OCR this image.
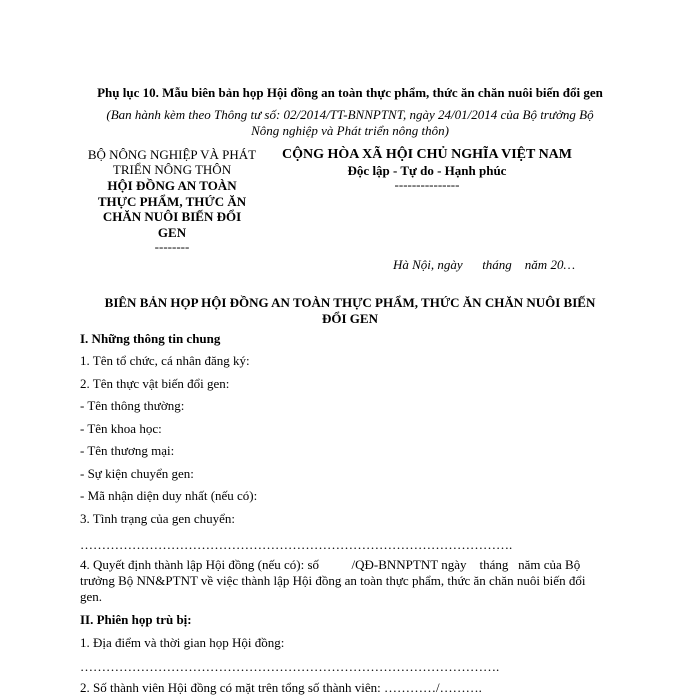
Phụ lục 10. Mẫu biên bản họp Hội đồng an toàn thực phẩm, thức ăn chăn nuôi biến đổi gen
(Ban hành kèm theo Thông tư số: 02/2014/TT-BNNPTNT, ngày 24/01/2014 của Bộ trưởng Bộ
Nông nghiệp và Phát triển nông thôn)
BỘ NÔNG NGHIỆP VÀ PHÁT
TRIỂN NÔNG THÔN
HỘI ĐỒNG AN TOÀN
THỰC PHẨM, THỨC ĂN
CHĂN NUÔI BIẾN ĐỔI
GEN
--------
CỘNG HÒA XÃ HỘI CHỦ NGHĨA VIỆT NAM
Độc lập - Tự do - Hạnh phúc
---------------
Hà Nội, ngày      tháng    năm 20…
BIÊN BẢN HỌP HỘI ĐỒNG AN TOÀN THỰC PHẨM, THỨC ĂN CHĂN NUÔI BIẾN
ĐỔI GEN
I. Những thông tin chung
1. Tên tổ chức, cá nhân đăng ký:
2. Tên thực vật biến đổi gen:
- Tên thông thường:
- Tên khoa học:
- Tên thương mại:
- Sự kiện chuyển gen:
- Mã nhận diện duy nhất (nếu có):
3. Tình trạng của gen chuyển:
……………………………………………………………………………………….
4. Quyết định thành lập Hội đồng (nếu có): số          /QĐ-BNNPTNT ngày    tháng   năm của Bộ
trưởng Bộ NN&PTNT về việc thành lập Hội đồng an toàn thực phẩm, thức ăn chăn nuôi biến đổi
gen.
II. Phiên họp trù bị:
1. Địa điểm và thời gian họp Hội đồng:
…………………………………………………………………………………….
2. Số thành viên Hội đồng có mặt trên tổng số thành viên: …………/……….
